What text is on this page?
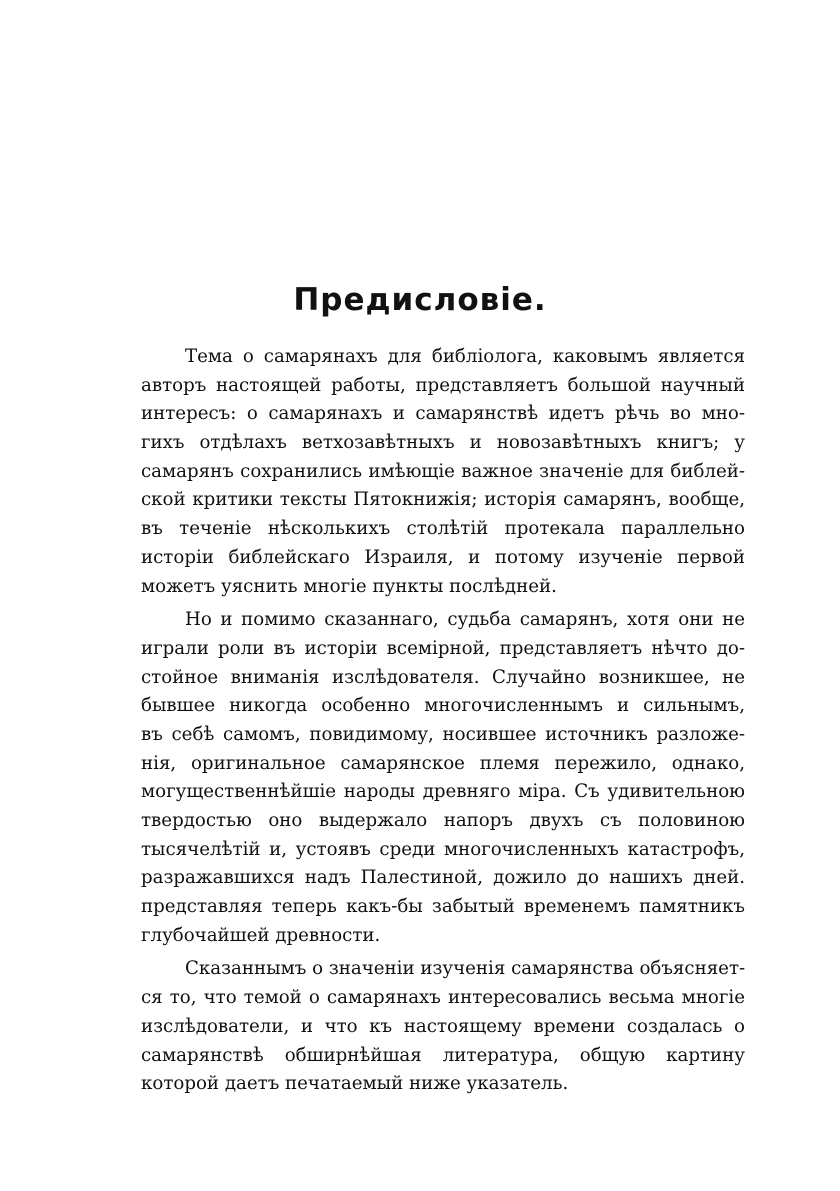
Предисловіе.
Тема о самарянахъ для библіолога, каковымъ является
авторъ настоящей работы, представляетъ большой научный
интересъ: о самарянахъ и самарянствѣ идетъ рѣчь во мно-
гихъ отдѣлахъ ветхозавѣтныхъ и новозавѣтныхъ книгъ; у
самарянъ сохранились имѣющіе важное значеніе для библей-
ской критики тексты Пятокнижія; исторія самарянъ, вообще,
въ теченіе нѣсколькихъ столѣтій протекала параллельно
исторіи библейскаго Израиля, и потому изученіе первой
можетъ уяснить многіе пункты послѣдней.
Но и помимо сказаннаго, судьба самарянъ, хотя они не
играли роли въ исторіи всемірной, представляетъ нѣчто до-
стойное вниманія изслѣдователя. Случайно возникшее, не
бывшее никогда особенно многочисленнымъ и сильнымъ,
въ себѣ самомъ, повидимому, носившее источникъ разложе-
нія, оригинальное самарянское племя пережило, однако,
могущественнѣйшіе народы древняго міра. Съ удивительною
твердостью оно выдержало напоръ двухъ съ половиною
тысячелѣтій и, устоявъ среди многочисленныхъ катастрофъ,
разражавшихся надъ Палестиной, дожило до нашихъ дней.
представляя теперь какъ-бы забытый временемъ памятникъ
глубочайшей древности.
Сказаннымъ о значеніи изученія самарянства объясняет-
ся то, что темой о самарянахъ интересовались весьма многіе
изслѣдователи, и что къ настоящему времени создалась о
самарянствѣ обширнѣйшая литература, общую картину
которой даетъ печатаемый ниже указатель.
